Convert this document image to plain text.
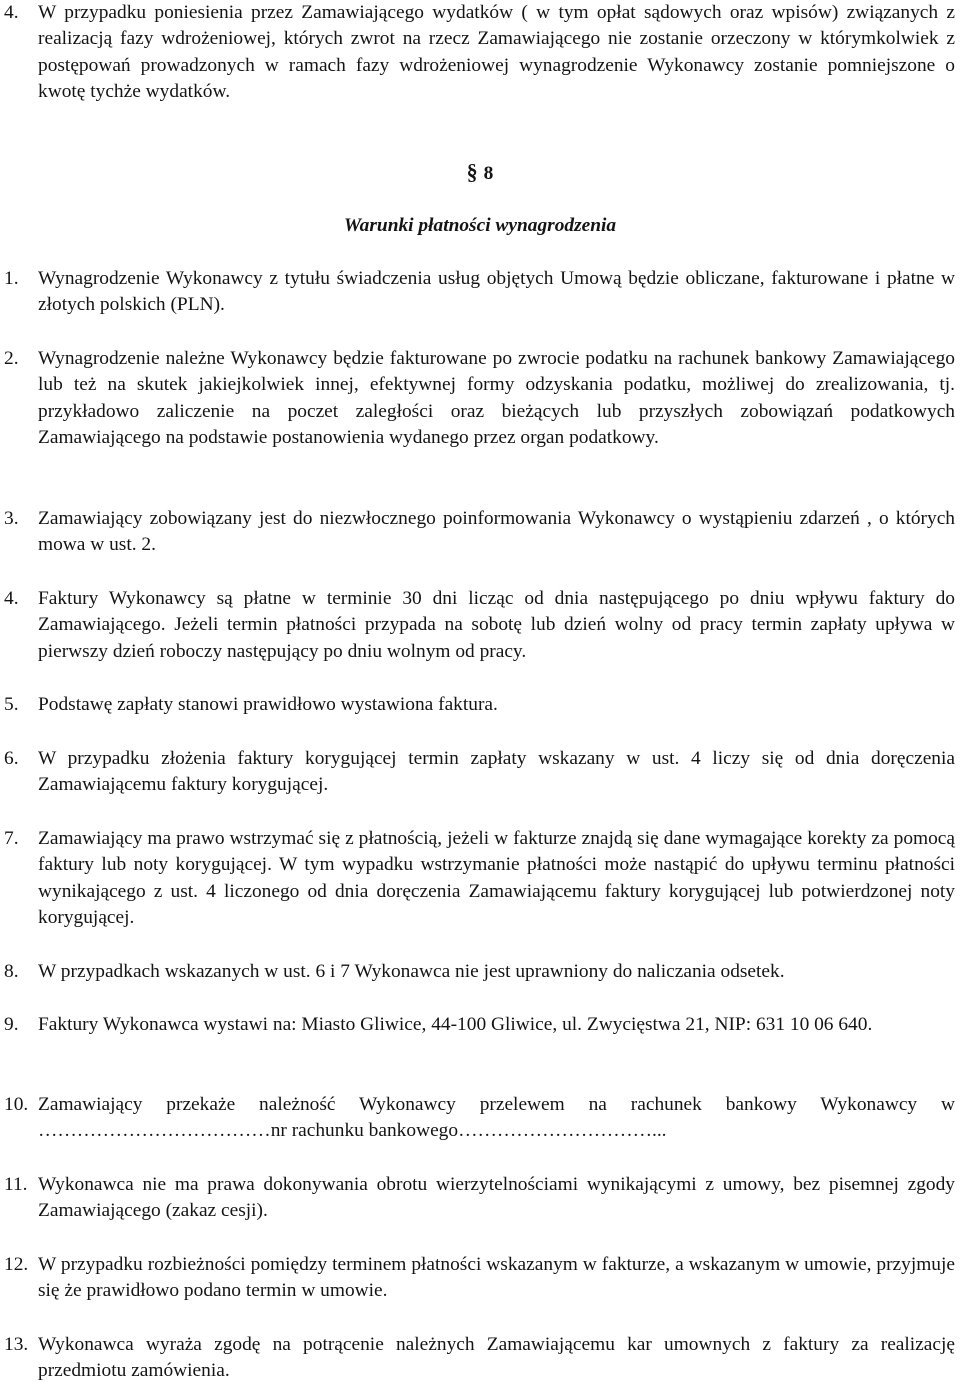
4.	W przypadku poniesienia przez Zamawiającego wydatków ( w tym opłat sądowych oraz wpisów) związanych z realizacją fazy wdrożeniowej, których zwrot na rzecz Zamawiającego nie zostanie orzeczony w którymkolwiek z postępowań prowadzonych w ramach fazy wdrożeniowej wynagrodzenie Wykonawcy zostanie pomniejszone o kwotę tychże wydatków.
§ 8
Warunki płatności wynagrodzenia
1.	Wynagrodzenie Wykonawcy z tytułu świadczenia usług objętych Umową będzie obliczane, fakturowane i płatne w złotych polskich (PLN).
2.	Wynagrodzenie należne Wykonawcy będzie fakturowane po zwrocie podatku na rachunek bankowy Zamawiającego lub też na skutek jakiejkolwiek innej, efektywnej formy odzyskania podatku, możliwej do zrealizowania, tj. przykładowo zaliczenie na poczet zaległości oraz bieżących lub przyszłych zobowiązań podatkowych Zamawiającego na podstawie postanowienia wydanego przez organ podatkowy.
3.	Zamawiający zobowiązany jest do niezwłocznego poinformowania Wykonawcy o wystąpieniu zdarzeń , o których mowa w ust. 2.
4.	Faktury Wykonawcy są płatne w terminie 30 dni licząc od dnia następującego po dniu wpływu faktury do Zamawiającego. Jeżeli termin płatności przypada na sobotę lub dzień wolny od pracy termin zapłaty upływa w pierwszy dzień roboczy następujący po dniu wolnym od pracy.
5.	Podstawę zapłaty stanowi prawidłowo wystawiona faktura.
6.	W przypadku złożenia faktury korygującej termin zapłaty wskazany w ust. 4 liczy się od dnia doręczenia Zamawiającemu faktury korygującej.
7.	Zamawiający ma prawo wstrzymać się z płatnością, jeżeli w fakturze znajdą się dane wymagające korekty za pomocą faktury lub noty korygującej. W tym wypadku wstrzymanie płatności może nastąpić do upływu terminu płatności wynikającego z ust. 4 liczonego od dnia doręczenia Zamawiającemu faktury korygującej lub potwierdzonej noty korygującej.
8.	W przypadkach wskazanych w ust. 6 i 7 Wykonawca nie jest uprawniony do naliczania odsetek.
9.	Faktury Wykonawca wystawi na: Miasto Gliwice, 44-100 Gliwice, ul. Zwycięstwa 21, NIP: 631 10 06 640.
10. Zamawiający przekaże należność Wykonawcy przelewem na rachunek bankowy Wykonawcy w ………………………………nr rachunku bankowego…………………………...
11. Wykonawca nie ma prawa dokonywania obrotu wierzytelnościami wynikającymi z umowy, bez pisemnej zgody Zamawiającego (zakaz cesji).
12. W przypadku rozbieżności pomiędzy terminem płatności wskazanym w fakturze, a wskazanym w umowie, przyjmuje się że prawidłowo podano termin w umowie.
13. Wykonawca wyraża zgodę na potrącenie należnych Zamawiającemu kar umownych z faktury za realizację przedmiotu zamówienia.
